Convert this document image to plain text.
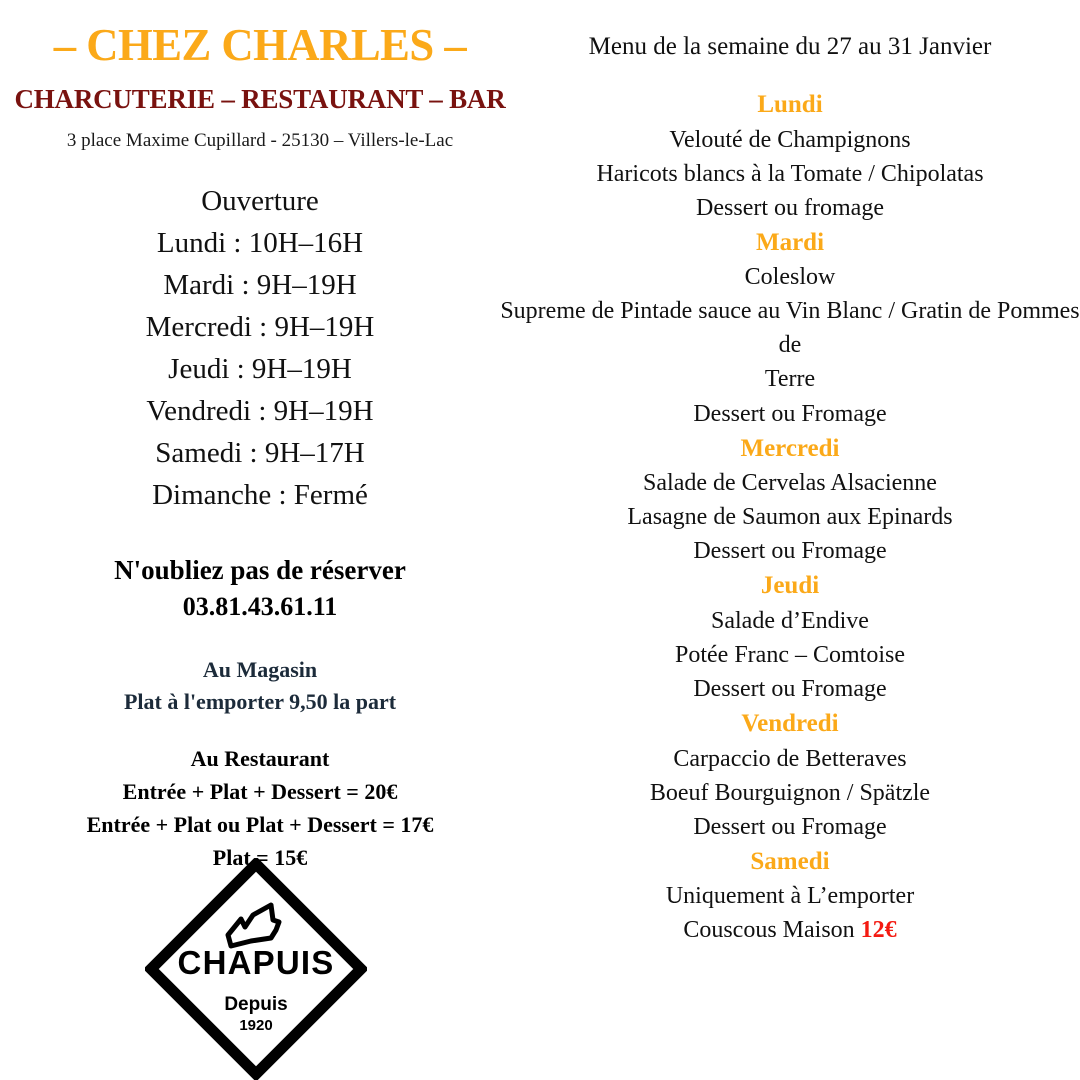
– CHEZ CHARLES –
CHARCUTERIE – RESTAURANT – BAR
3 place Maxime Cupillard - 25130 – Villers-le-Lac
Ouverture
Lundi : 10H–16H
Mardi : 9H–19H
Mercredi : 9H–19H
Jeudi : 9H–19H
Vendredi : 9H–19H
Samedi : 9H–17H
Dimanche : Fermé
N'oubliez pas de réserver
03.81.43.61.11
Au Magasin
Plat à l'emporter 9,50 la part
Au Restaurant
Entrée + Plat + Dessert = 20€
Entrée + Plat ou Plat + Dessert = 17€
Plat = 15€
CHAPUIS
Depuis
1920
Menu de la semaine du 27 au 31 Janvier
Lundi
Velouté de Champignons
Haricots blancs à la Tomate / Chipolatas
Dessert ou fromage
Mardi
Coleslow
Supreme de Pintade sauce au Vin Blanc / Gratin de Pommes de
Terre
Dessert ou Fromage
Mercredi
Salade de Cervelas Alsacienne
Lasagne de Saumon aux Epinards
Dessert ou Fromage
Jeudi
Salade d’Endive
Potée Franc – Comtoise
Dessert ou Fromage
Vendredi
Carpaccio de Betteraves
Boeuf Bourguignon / Spätzle
Dessert ou Fromage
Samedi
Uniquement à L’emporter
Couscous Maison 12€
